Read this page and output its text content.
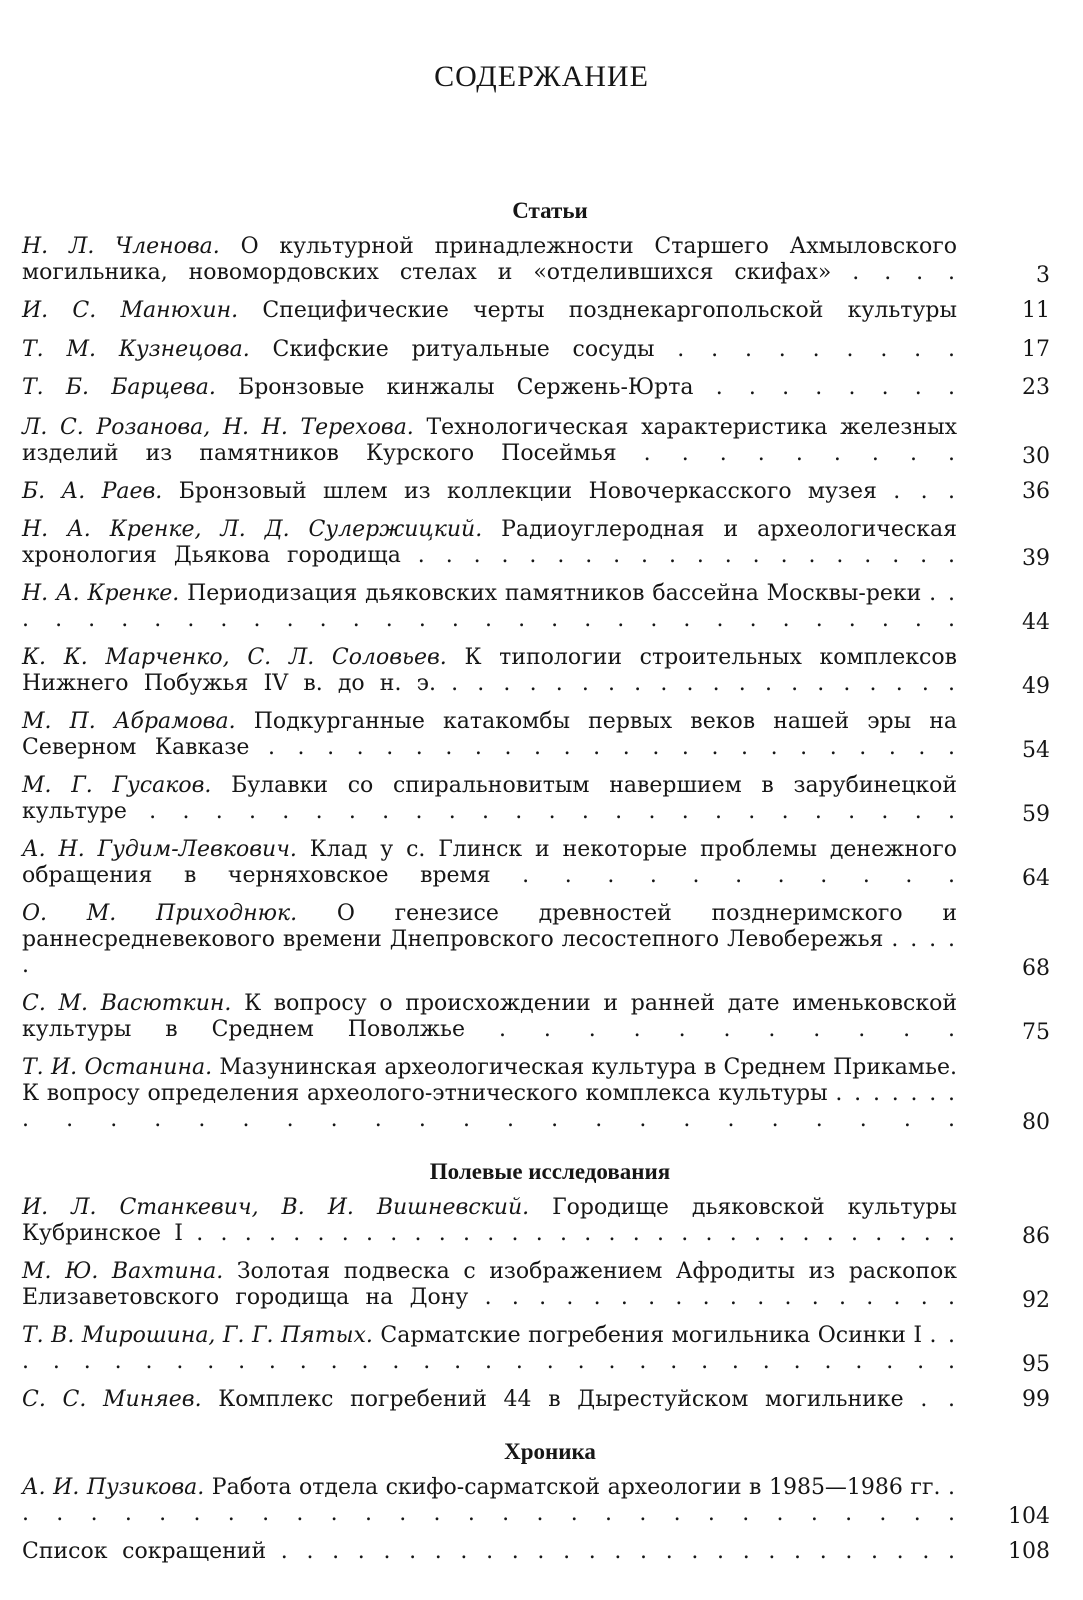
СОДЕРЖАНИЕ
Статьи
Н. Л. Членова. О культурной принадлежности Старшего Ахмыловского могильника, новомордовских стелах и «отделившихся скифах» . . . .	3
И. С. Манюхин. Специфические черты позднекаргопольской культуры	11
Т. М. Кузнецова. Скифские ритуальные сосуды . . . . . . . . .	17
Т. Б. Барцева. Бронзовые кинжалы Сержень-Юрта . . . . . . . .	23
Л. С. Розанова, Н. Н. Терехова. Технологическая характеристика железных изделий из памятников Курского Посеймья . . . . . . . . .	30
Б. А. Раев. Бронзовый шлем из коллекции Новочеркасского музея . . .	36
Н. А. Кренке, Л. Д. Сулержицкий. Радиоуглеродная и археологическая хронология Дьякова городища . . . . . . . . . . . . . . . . . . . .	39
Н. А. Кренке. Периодизация дьяковских памятников бассейна Москвы-реки . . . . . . . . . . . . . . . . . . . . . . . . . . . . . . .	44
К. К. Марченко, С. Л. Соловьев. К типологии строительных комплексов Нижнего Побужья IV в. до н. э. . . . . . . . . . . . . . . . . . . . .	49
М. П. Абрамова. Подкурганные катакомбы первых веков нашей эры на Северном Кавказе . . . . . . . . . . . . . . . . . . . . . . . .	54
М. Г. Гусаков. Булавки со спиральновитым навершием в зарубинецкой культуре . . . . . . . . . . . . . . . . . . . . . . . . .	59
А. Н. Гудим-Левкович. Клад у с. Глинск и некоторые проблемы денежного обращения в черняховское время . . . . . . . . . . .	64
О. М. Приходнюк. О генезисе древностей позднеримского и раннесредневекового времени Днепровского лесостепного Левобережья . . . . .	68
С. М. Васюткин. К вопросу о происхождении и ранней дате именьковской культуры в Среднем Поволжье . . . . . . . . . . .	75
Т. И. Останина. Мазунинская археологическая культура в Среднем Прикамье. К вопросу определения археолого-этнического комплекса культуры . . . . . . . . . . . . . . . . . . . . . . . . . . . . .	80
Полевые исследования
И. Л. Станкевич, В. И. Вишневский. Городище дьяковской культуры Кубринское I . . . . . . . . . . . . . . . . . . . . . . . . . . . . . . . .	86
М. Ю. Вахтина. Золотая подвеска с изображением Афродиты из раскопок Елизаветовского городища на Дону . . . . . . . . . . . . . . . . . .	92
Т. В. Мирошина, Г. Г. Пятых. Сарматские погребения могильника Осинки I . . . . . . . . . . . . . . . . . . . . . . . . . . . . . . . . .	95
С. С. Миняев. Комплекс погребений 44 в Дырестуйском могильнике . .	99
Хроника
А. И. Пузикова. Работа отдела скифо-сарматской археологии в 1985—1986 гг. . . . . . . . . . . . . . . . . . . . . . . . . . . . . .	104
Список сокращений . . . . . . . . . . . . . . . . . . . . . . . . . . .	108
